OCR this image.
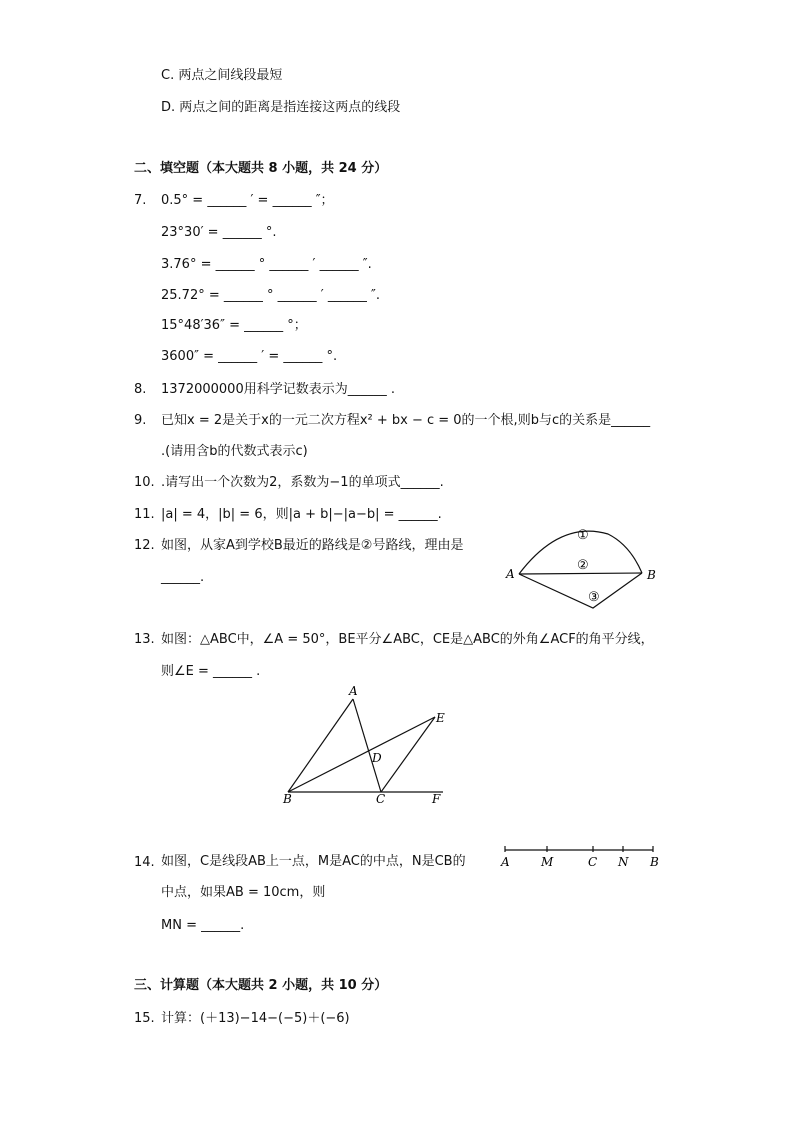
C. 两点之间线段最短
D. 两点之间的距离是指连接这两点的线段
二、填空题（本大题共 8 小题，共 24 分）
7. 0.5° = ______ ′ = ______ ″；
23°30′ = ______ °.
3.76° = ______ ° ______ ′ ______ ″.
25.72° = ______ ° ______ ′ ______ ″.
15°48′36″ = ______ °；
3600″ = ______ ′ = ______ °.
8. 1372000000用科学记数表示为______ .
9. 已知x = 2是关于x的一元二次方程x² + bx − c = 0的一个根,则b与c的关系是______
.(请用含b的代数式表示c)
10. .请写出一个次数为2，系数为−1的单项式______.
11. |a| = 4，|b| = 6，则|a + b|−|a−b| = ______.
12. 如图，从家A到学校B最近的路线是②号路线，理由是
______.	A	B
①
②
③
13. 如图：△ABC中，∠A = 50°，BE平分∠ABC，CE是△ABC的外角∠ACF的角平分线，
则∠E = ______ .
A
B	C
D
E
F
14. 如图，C是线段AB上一点，M是AC的中点，N是CB的
中点，如果AB = 10cm，则
MN = ______.
A	M	C N B
三、计算题（本大题共 2 小题，共 10 分）
15. 计算：(＋13)−14−(−5)＋(−6)
